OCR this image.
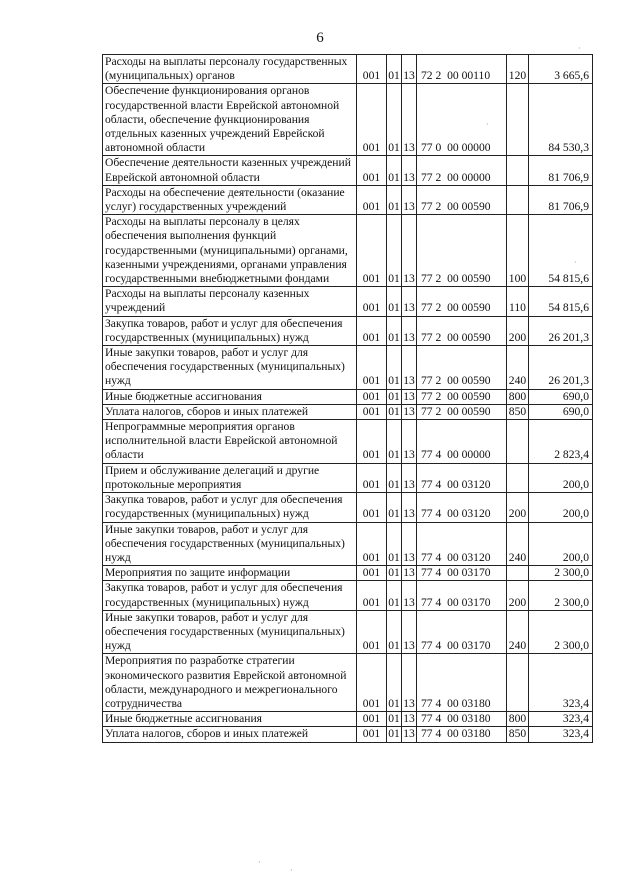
6
Расходы на выплаты персоналу государственных (муниципальных) органов	001	01	13	72 2  00 00110	120	3 665,6
Обеспечение функционирования органов государственной власти Еврейской автономной области, обеспечение функционирования отдельных казенных учреждений Еврейской автономной области	001	01	13	77 0  00 00000		84 530,3
Обеспечение деятельности казенных учреждений Еврейской автономной области	001	01	13	77 2  00 00000		81 706,9
Расходы на обеспечение деятельности (оказание услуг) государственных учреждений	001	01	13	77 2  00 00590		81 706,9
Расходы на выплаты персоналу в целях обеспечения выполнения функций государственными (муниципальными) органами, казенными учреждениями, органами управления государственными внебюджетными фондами	001	01	13	77 2  00 00590	100	54 815,6
Расходы на выплаты персоналу казенных учреждений	001	01	13	77 2  00 00590	110	54 815,6
Закупка товаров, работ и услуг для обеспечения государственных (муниципальных) нужд	001	01	13	77 2  00 00590	200	26 201,3
Иные закупки товаров, работ и услуг для обеспечения государственных (муниципальных) нужд	001	01	13	77 2  00 00590	240	26 201,3
Иные бюджетные ассигнования	001	01	13	77 2  00 00590	800	690,0
Уплата налогов, сборов и иных платежей	001	01	13	77 2  00 00590	850	690,0
Непрограммные мероприятия органов исполнительной власти Еврейской автономной области	001	01	13	77 4  00 00000		2 823,4
Прием и обслуживание делегаций и другие протокольные мероприятия	001	01	13	77 4  00 03120		200,0
Закупка товаров, работ и услуг для обеспечения государственных (муниципальных) нужд	001	01	13	77 4  00 03120	200	200,0
Иные закупки товаров, работ и услуг для обеспечения государственных (муниципальных) нужд	001	01	13	77 4  00 03120	240	200,0
Мероприятия по защите информации	001	01	13	77 4  00 03170		2 300,0
Закупка товаров, работ и услуг для обеспечения государственных (муниципальных) нужд	001	01	13	77 4  00 03170	200	2 300,0
Иные закупки товаров, работ и услуг для обеспечения государственных (муниципальных) нужд	001	01	13	77 4  00 03170	240	2 300,0
Мероприятия по разработке стратегии экономического развития Еврейской автономной области, международного и межрегионального сотрудничества	001	01	13	77 4  00 03180		323,4
Иные бюджетные ассигнования	001	01	13	77 4  00 03180	800	323,4
Уплата налогов, сборов и иных платежей	001	01	13	77 4  00 03180	850	323,4
·
·
·
·
·
